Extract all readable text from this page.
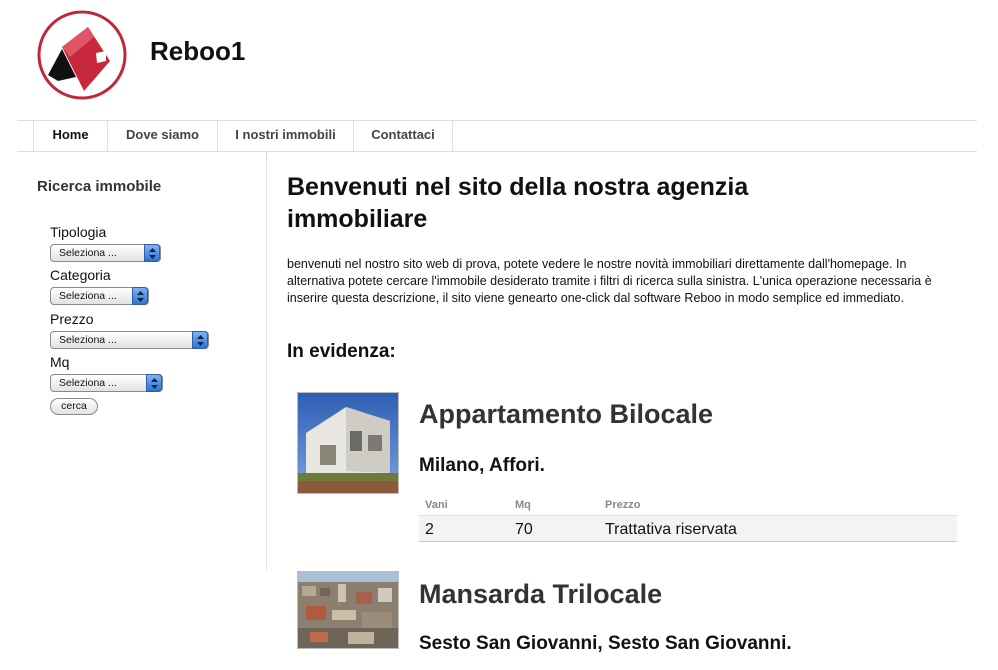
Reboo1
Home	Dove siamo	I nostri immobili	Contattaci
Ricerca immobile
Tipologia
Seleziona ...
Categoria
Seleziona ...
Prezzo
Seleziona ...
Mq
Seleziona ...
cerca
Benvenuti nel sito della nostra agenzia immobiliare
benvenuti nel nostro sito web di prova, potete vedere le nostre novità immobiliari direttamente dall'homepage. In alternativa potete cercare l'immobile desiderato tramite i filtri di ricerca sulla sinistra. L'unica operazione necessaria è inserire questa descrizione, il sito viene genearto one-click dal software Reboo in modo semplice ed immediato.
In evidenza:
Appartamento Bilocale
Milano, Affori.
Vani	Mq	Prezzo
2	70	Trattativa riservata
Mansarda Trilocale
Sesto San Giovanni, Sesto San Giovanni.
